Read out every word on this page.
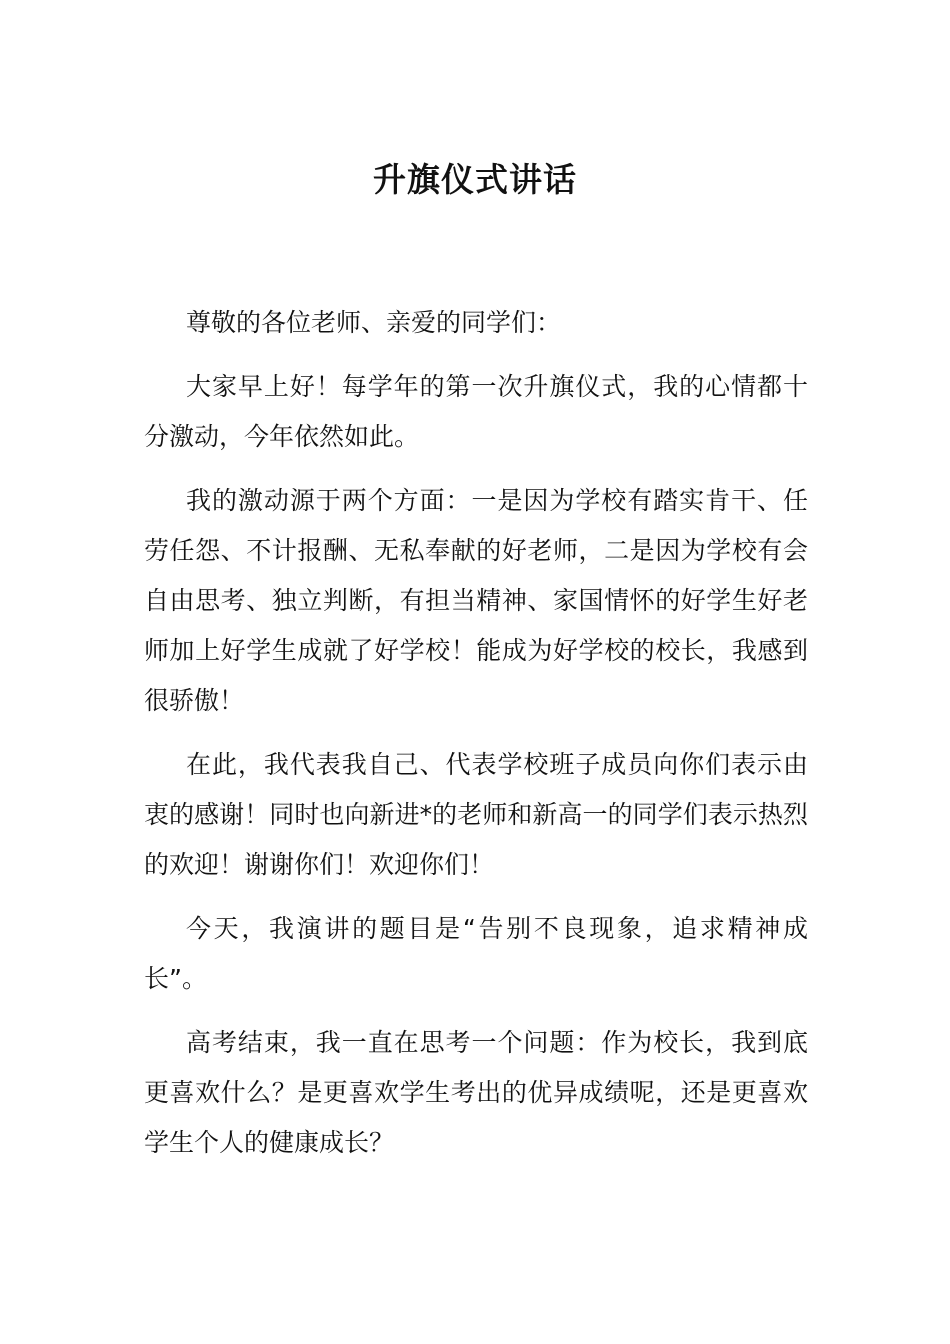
升旗仪式讲话

尊敬的各位老师、亲爱的同学们：

大家早上好！每学年的第一次升旗仪式，我的心情都十分激动，今年依然如此。

我的激动源于两个方面：一是因为学校有踏实肯干、任劳任怨、不计报酬、无私奉献的好老师，二是因为学校有会自由思考、独立判断，有担当精神、家国情怀的好学生好老师加上好学生成就了好学校！能成为好学校的校长，我感到很骄傲！

在此，我代表我自己、代表学校班子成员向你们表示由衷的感谢！同时也向新进*的老师和新高一的同学们表示热烈的欢迎！谢谢你们！欢迎你们！

今天，我演讲的题目是“告别不良现象，追求精神成长”。

高考结束，我一直在思考一个问题：作为校长，我到底更喜欢什么？是更喜欢学生考出的优异成绩呢，还是更喜欢学生个人的健康成长？
